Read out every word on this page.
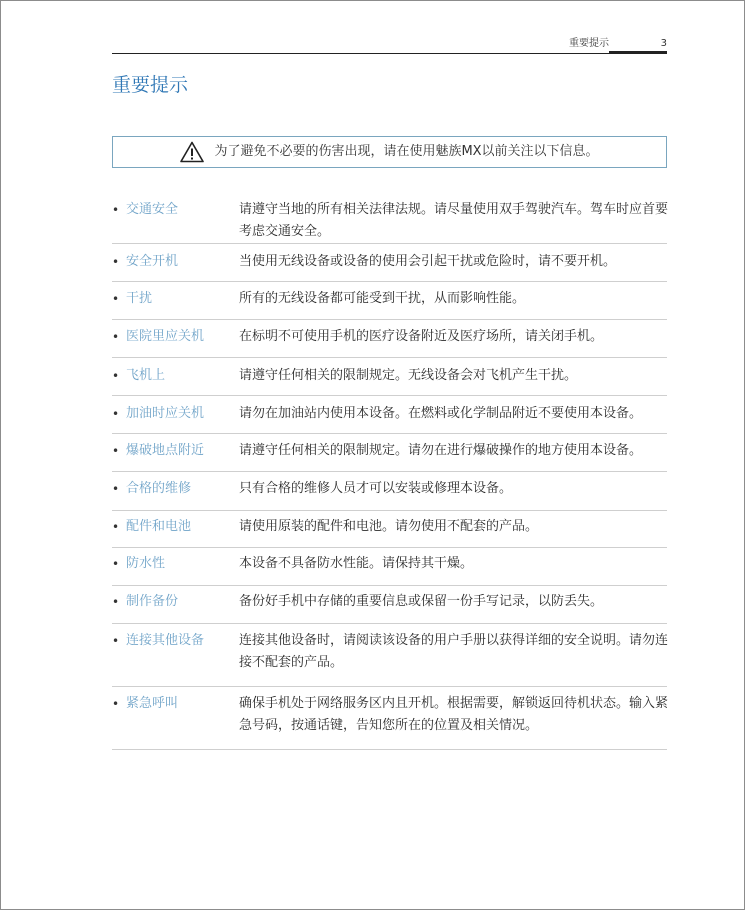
重要提示	3
重要提示
为了避免不必要的伤害出现，请在使用魅族MX以前关注以下信息。
• 交通安全	请遵守当地的所有相关法律法规。请尽量使用双手驾驶汽车。驾车时应首要考虑交通安全。
• 安全开机	当使用无线设备或设备的使用会引起干扰或危险时，请不要开机。
• 干扰	所有的无线设备都可能受到干扰，从而影响性能。
• 医院里应关机	在标明不可使用手机的医疗设备附近及医疗场所，请关闭手机。
• 飞机上	请遵守任何相关的限制规定。无线设备会对飞机产生干扰。
• 加油时应关机	请勿在加油站内使用本设备。在燃料或化学制品附近不要使用本设备。
• 爆破地点附近	请遵守任何相关的限制规定。请勿在进行爆破操作的地方使用本设备。
• 合格的维修	只有合格的维修人员才可以安装或修理本设备。
• 配件和电池	请使用原装的配件和电池。请勿使用不配套的产品。
• 防水性	本设备不具备防水性能。请保持其干燥。
• 制作备份	备份好手机中存储的重要信息或保留一份手写记录，以防丢失。
• 连接其他设备	连接其他设备时，请阅读该设备的用户手册以获得详细的安全说明。请勿连接不配套的产品。
• 紧急呼叫	确保手机处于网络服务区内且开机。根据需要，解锁返回待机状态。输入紧急号码，按通话键，告知您所在的位置及相关情况。
